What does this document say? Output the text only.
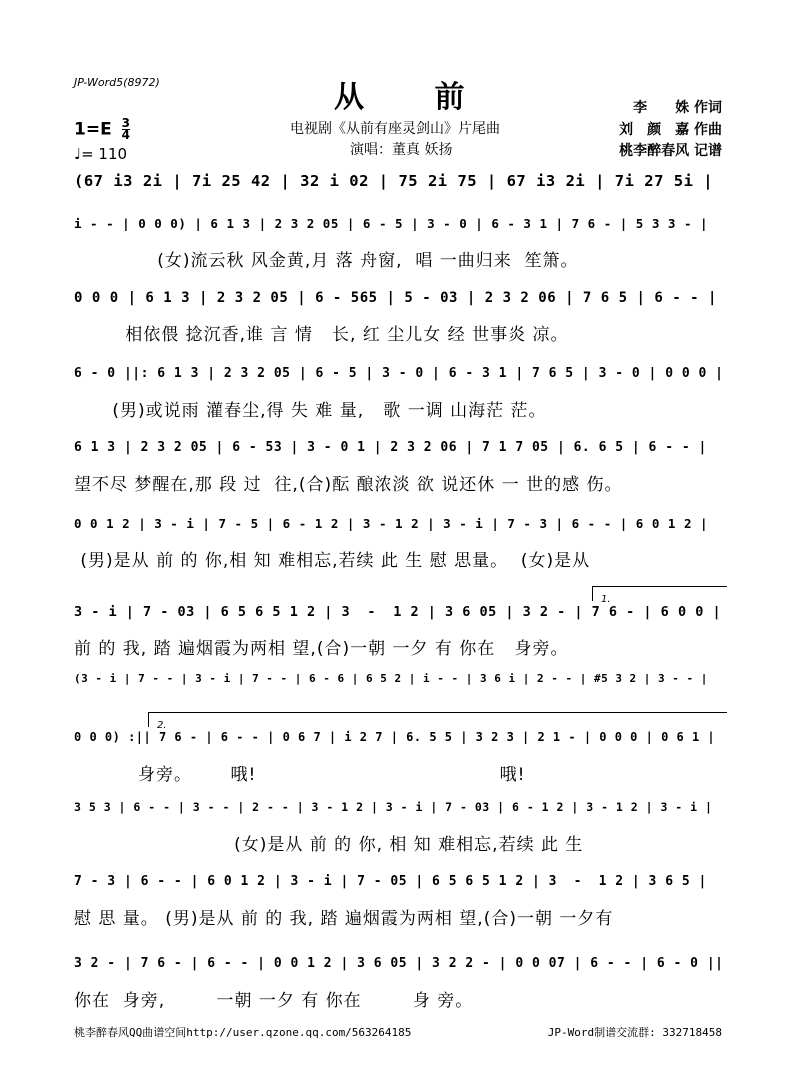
JP-Word5(8972)	从 前
电视剧《从前有座灵剑山》片尾曲
演唱：董真 妖扬
李　　姝 作词
刘　颜　嘉 作曲
桃李醉春风 记谱
$1=E \frac{3}{4}$
♩= 110
(67 i3 2i | 7i 25 42 | 32 i 02 | 75 2i 75 | 67 i3 2i | 7i 27 5i |
i - - | 0 0 0) | 6 1 3 | 2 3 2 05 | 6 - 5 | 3 - 0 | 6 - 3 1 | 7 6 - | 5 3 3 - |
(女)流云秋 风金黄,月 落 舟窗,  唱 一曲归来  笙箫。
0 0 0 | 6 1 3 | 2 3 2 05 | 6 - 565 | 5 - 03 | 2 3 2 06 | 7 6 5 | 6 - - |
相依偎 捻沉香,谁 言 情   长, 红 尘儿女 经 世事炎 凉。
6 - 0 ||: 6 1 3 | 2 3 2 05 | 6 - 5 | 3 - 0 | 6 - 3 1 | 7 6 5 | 3 - 0 | 0 0 0 |
(男)或说雨 灌春尘,得 失 难 量,   歌 一调 山海茫 茫。
6 1 3 | 2 3 2 05 | 6 - 53 | 3 - 0 1 | 2 3 2 06 | 7 1 7 05 | 6. 6 5 | 6 - - |
望不尽 梦醒在,那 段 过  往,(合)酝 酿浓淡 欲 说还休 一 世的感 伤。
0 0 1 2 | 3 - i | 7 - 5 | 6 - 1 2 | 3 - 1 2 | 3 - i | 7 - 3 | 6 - - | 6 0 1 2 |
(男)是从 前 的 你,相 知 难相忘,若续 此 生 慰 思量。  (女)是从
3 - i | 7 - 03 | 6 5 6 5 1 2 | 3  -  1 2 | 3 6 05 | 3 2 - | 7 6 - | 6 0 0 |
前 的 我, 踏 遍烟霞为两相 望,(合)一朝 一夕 有 你在   身旁。
(3 - i | 7 - - | 3 - i | 7 - - | 6 - 6 | 6 5 2 | i - - | 3 6 i | 2 - - | #5 3 2 | 3 - - |
0 0 0) :|| 7 6 - | 6 - - | 0 6 7 | i 2 7 | 6. 5 5 | 3 2 3 | 2 1 - | 0 0 0 | 0 6 1 |
身旁。      哦!                                      哦!
3 5 3 | 6 - - | 3 - - | 2 - - | 3 - 1 2 | 3 - i | 7 - 03 | 6 - 1 2 | 3 - 1 2 | 3 - i |
(女)是从 前 的 你, 相 知 难相忘,若续 此 生
7 - 3 | 6 - - | 6 0 1 2 | 3 - i | 7 - 05 | 6 5 6 5 1 2 | 3  -  1 2 | 3 6 5 |
慰 思 量。 (男)是从 前 的 我, 踏 遍烟霞为两相 望,(合)一朝 一夕有
3 2 - | 7 6 - | 6 - - | 0 0 1 2 | 3 6 05 | 3 2 2 - | 0 0 07 | 6 - - | 6 - 0 ||
你在  身旁,        一朝 一夕 有 你在        身 旁。
1.
2.
桃李醉春风QQ曲谱空间http://user.qzone.qq.com/563264185	JP-Word制谱交流群: 332718458
